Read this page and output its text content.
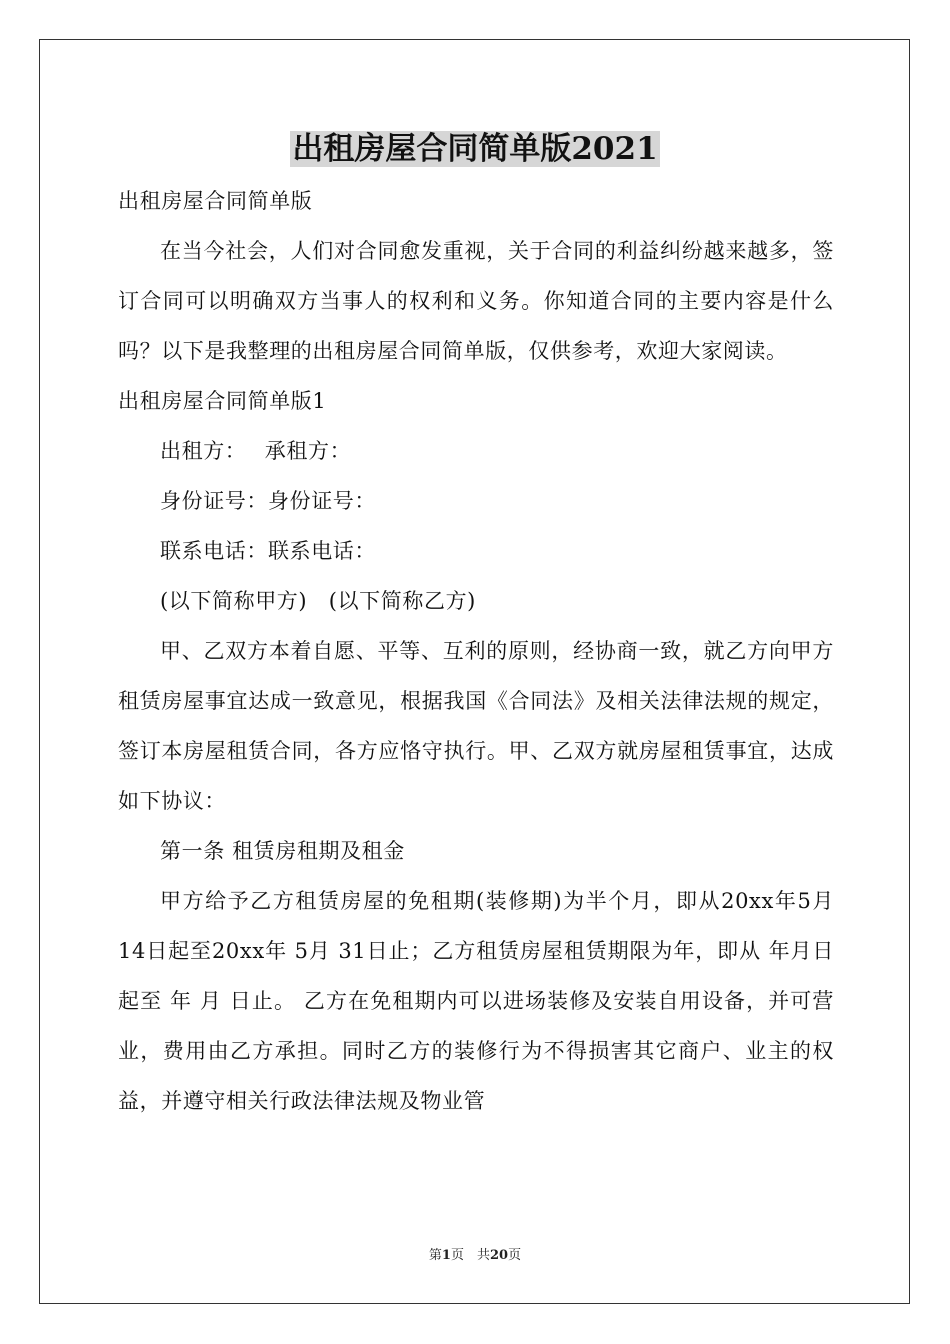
出租房屋合同简单版2021

出租房屋合同简单版

在当今社会，人们对合同愈发重视，关于合同的利益纠纷越来越多，签订合同可以明确双方当事人的权利和义务。你知道合同的主要内容是什么吗？以下是我整理的出租房屋合同简单版，仅供参考，欢迎大家阅读。

出租房屋合同简单版1

出租方：　 承租方：

身份证号：身份证号：

联系电话：联系电话：

(以下简称甲方)　(以下简称乙方)

甲、乙双方本着自愿、平等、互利的原则，经协商一致，就乙方向甲方租赁房屋事宜达成一致意见，根据我国《合同法》及相关法律法规的规定，签订本房屋租赁合同，各方应恪守执行。甲、乙双方就房屋租赁事宜，达成如下协议：

第一条 租赁房租期及租金

甲方给予乙方租赁房屋的免租期(装修期)为半个月，即从20xx年5月 14日起至20xx年 5月 31日止；乙方租赁房屋租赁期限为年，即从 年月日起至 年 月 日止。 乙方在免租期内可以进场装修及安装自用设备，并可营业，费用由乙方承担。同时乙方的装修行为不得损害其它商户、业主的权益，并遵守相关行政法律法规及物业管

第1页　共20页
